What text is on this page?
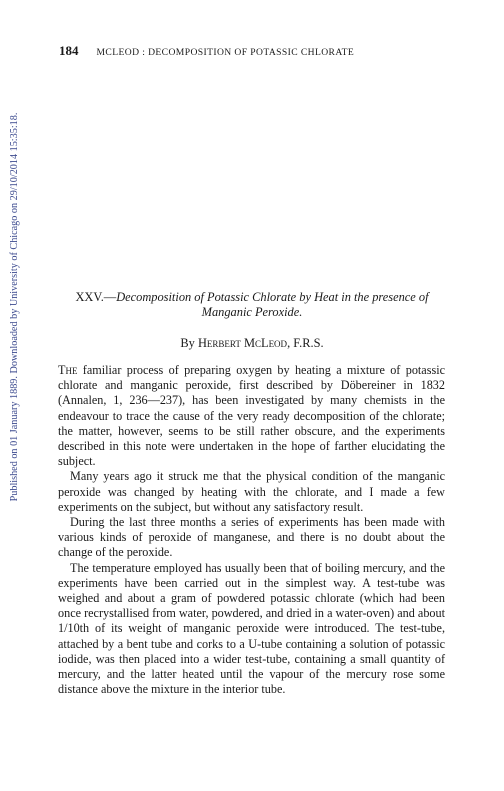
Published on 01 January 1889. Downloaded by University of Chicago on 29/10/2014 15:35:18.
184 MCLEOD : DECOMPOSITION OF POTASSIC CHLORATE
XXV.—Decomposition of Potassic Chlorate by Heat in the presence of Manganic Peroxide.
By Herbert McLeod, F.R.S.

The familiar process of preparing oxygen by heating a mixture of potassic chlorate and manganic peroxide, first described by Döbereiner in 1832 (Annalen, 1, 236—237), has been investigated by many chemists in the endeavour to trace the cause of the very ready decomposition of the chlorate; the matter, however, seems to be still rather obscure, and the experiments described in this note were undertaken in the hope of farther elucidating the subject.

Many years ago it struck me that the physical condition of the manganic peroxide was changed by heating with the chlorate, and I made a few experiments on the subject, but without any satisfactory result.

During the last three months a series of experiments has been made with various kinds of peroxide of manganese, and there is no doubt about the change of the peroxide.

The temperature employed has usually been that of boiling mercury, and the experiments have been carried out in the simplest way. A test-tube was weighed and about a gram of powdered potassic chlorate (which had been once recrystallised from water, powdered, and dried in a water-oven) and about 1/10th of its weight of manganic peroxide were introduced. The test-tube, attached by a bent tube and corks to a U-tube containing a solution of potassic iodide, was then placed into a wider test-tube, containing a small quantity of mercury, and the latter heated until the vapour of the mercury rose some distance above the mixture in the interior tube.
